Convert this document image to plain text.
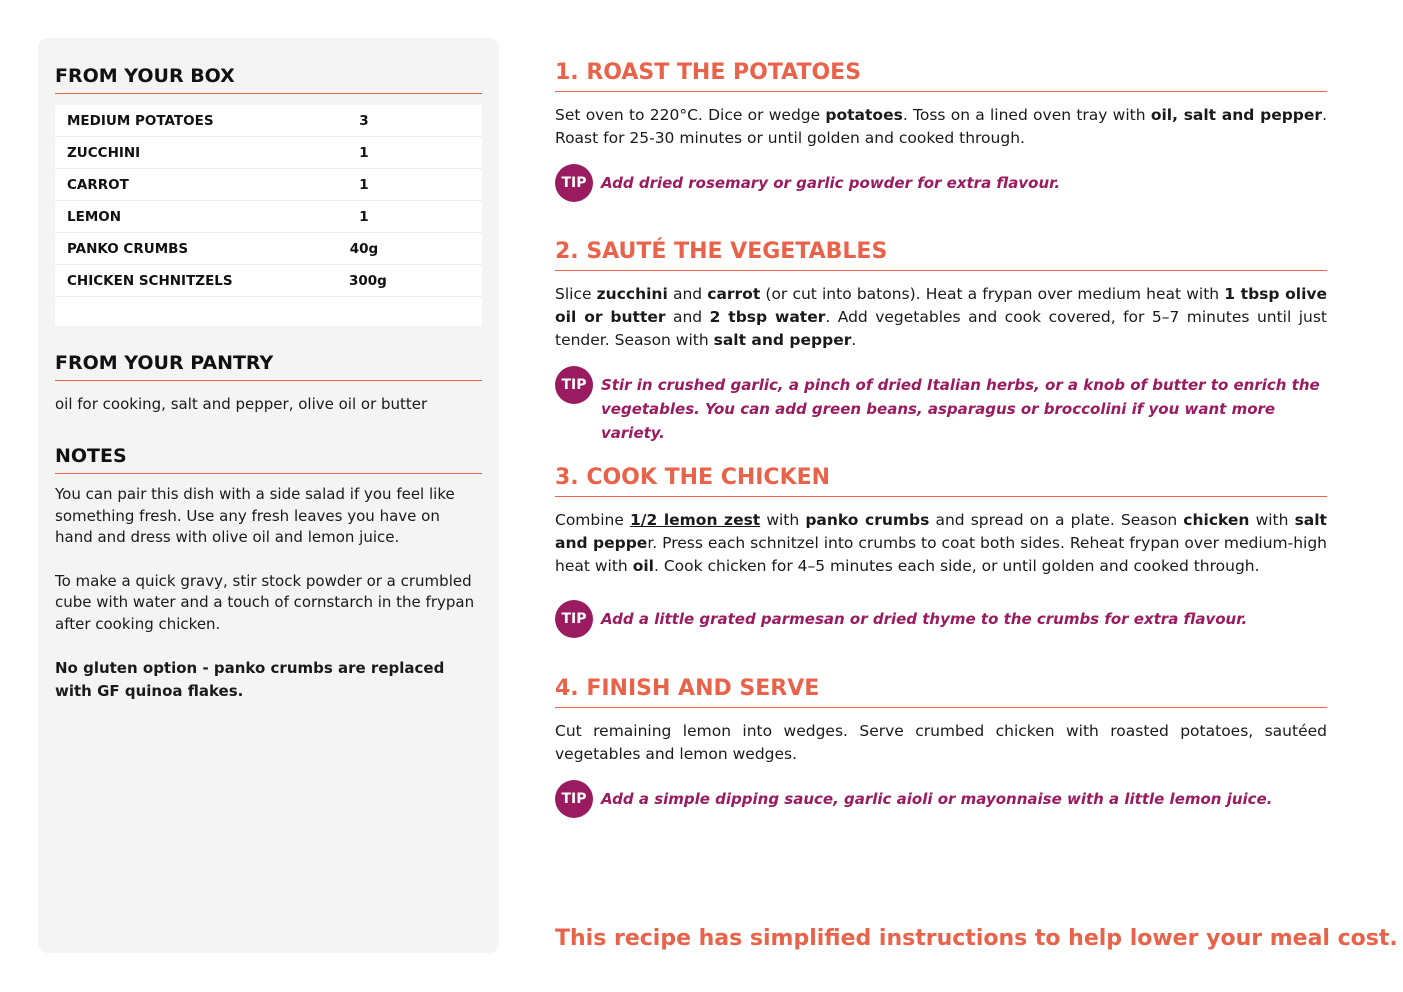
FROM YOUR BOX
MEDIUM POTATOES	3
ZUCCHINI	1
CARROT	1
LEMON	1
PANKO CRUMBS	40g
CHICKEN SCHNITZELS	300g

FROM YOUR PANTRY
oil for cooking, salt and pepper, olive oil or butter
NOTES

You can pair this dish with a side salad if you feel like something fresh. Use any fresh leaves you have on hand and dress with olive oil and lemon juice.

To make a quick gravy, stir stock powder or a crumbled cube with water and a touch of cornstarch in the frypan after cooking chicken.

No gluten option - panko crumbs are replaced with GF quinoa flakes.

1. ROAST THE POTATOES
Set oven to 220°C. Dice or wedge potatoes. Toss on a lined oven tray with oil, salt and pepper. Roast for 25-30 minutes or until golden and cooked through.
TIP Add dried rosemary or garlic powder for extra flavour.
2. SAUTÉ THE VEGETABLES
Slice zucchini and carrot (or cut into batons). Heat a frypan over medium heat with 1 tbsp olive oil or butter and 2 tbsp water. Add vegetables and cook covered, for 5–7 minutes until just tender. Season with salt and pepper.
TIP Stir in crushed garlic, a pinch of dried Italian herbs, or a knob of butter to enrich the vegetables. You can add green beans, asparagus or broccolini if you want more variety.
3. COOK THE CHICKEN
Combine 1/2 lemon zest with panko crumbs and spread on a plate. Season chicken with salt and pepper. Press each schnitzel into crumbs to coat both sides. Reheat frypan over medium-high heat with oil. Cook chicken for 4–5 minutes each side, or until golden and cooked through.
TIP Add a little grated parmesan or dried thyme to the crumbs for extra flavour.
4. FINISH AND SERVE
Cut remaining lemon into wedges. Serve crumbed chicken with roasted potatoes, sautéed vegetables and lemon wedges.
TIP Add a simple dipping sauce, garlic aioli or mayonnaise with a little lemon juice.
This recipe has simplified instructions to help lower your meal cost.
